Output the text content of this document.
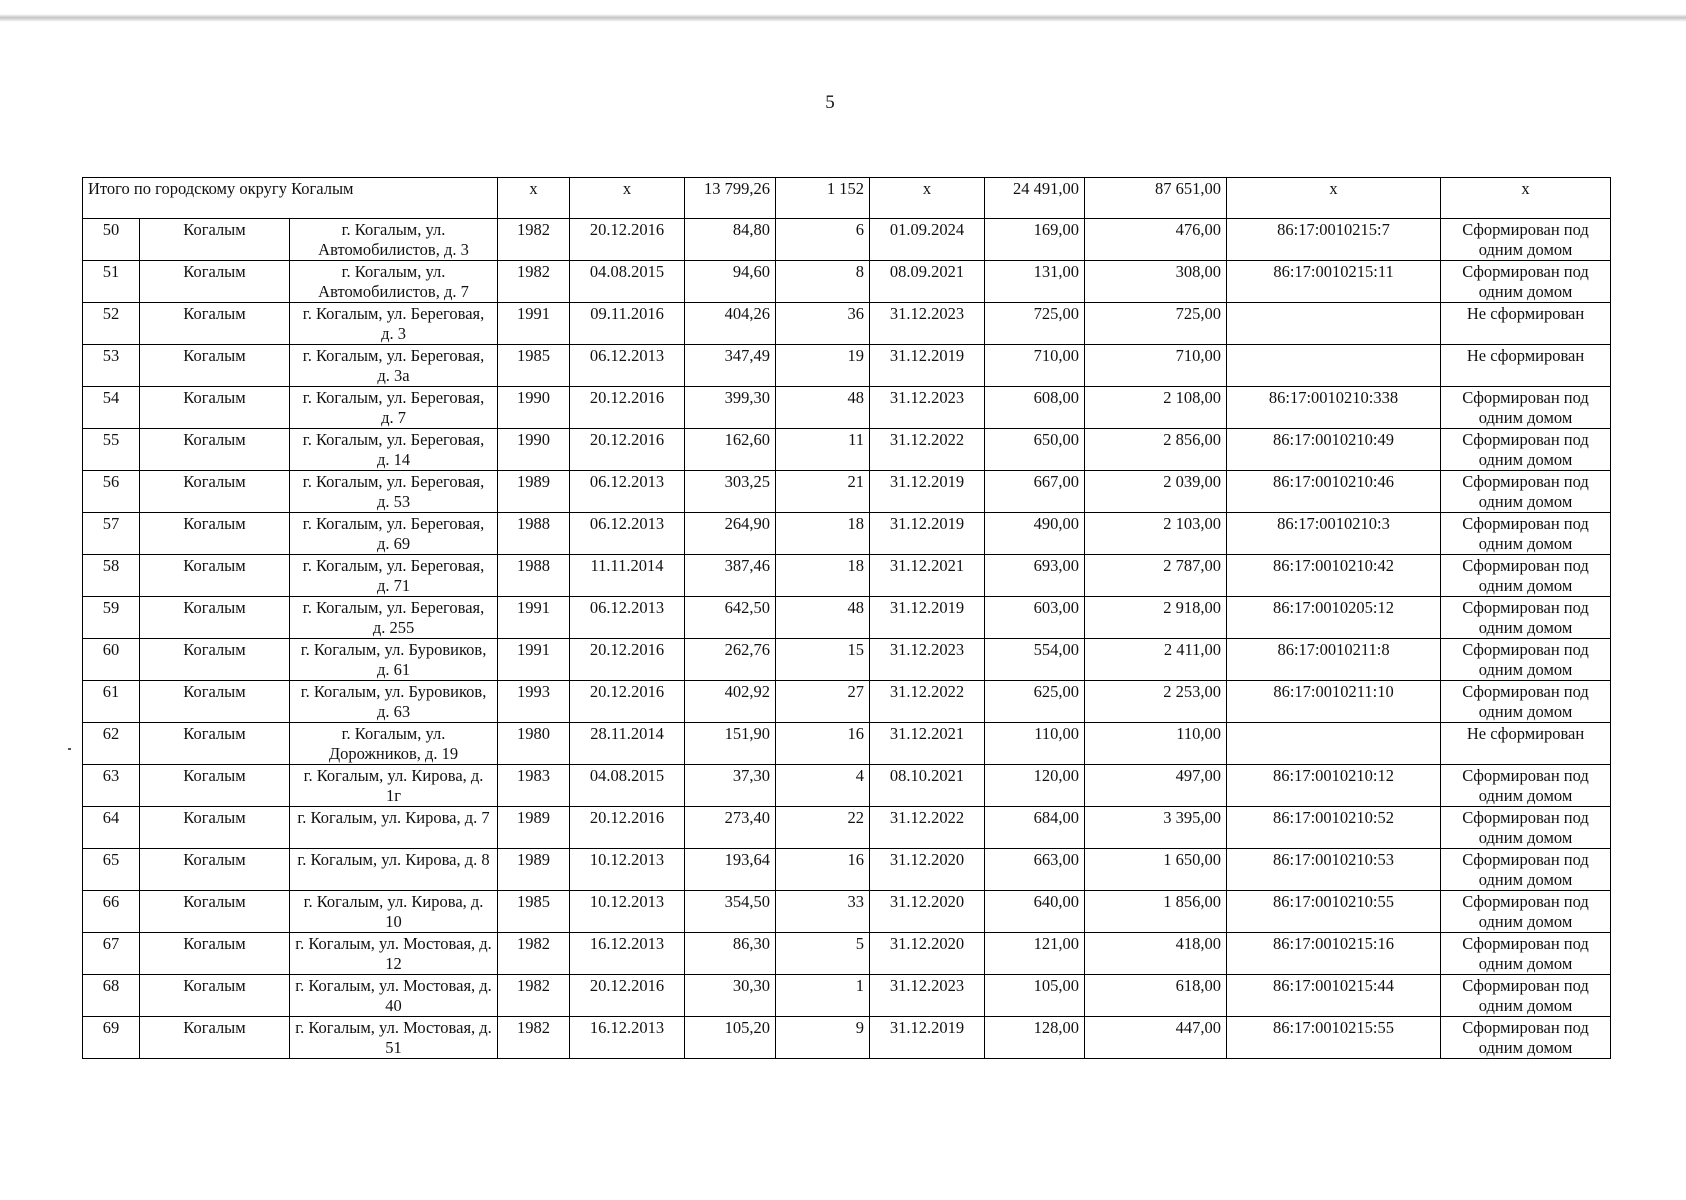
5
Итого по городскому округу Когалым			x	x	13 799,26	1 152	x	24 491,00	87 651,00	x	x
50	Когалым	г. Когалым, ул. Автомобилистов, д. 3	1982	20.12.2016	84,80	6	01.09.2024	169,00	476,00	86:17:0010215:7	Сформирован под одним домом
51	Когалым	г. Когалым, ул. Автомобилистов, д. 7	1982	04.08.2015	94,60	8	08.09.2021	131,00	308,00	86:17:0010215:11	Сформирован под одним домом
52	Когалым	г. Когалым, ул. Береговая, д. 3	1991	09.11.2016	404,26	36	31.12.2023	725,00	725,00		Не сформирован
53	Когалым	г. Когалым, ул. Береговая, д. 3а	1985	06.12.2013	347,49	19	31.12.2019	710,00	710,00		Не сформирован
54	Когалым	г. Когалым, ул. Береговая, д. 7	1990	20.12.2016	399,30	48	31.12.2023	608,00	2 108,00	86:17:0010210:338	Сформирован под одним домом
55	Когалым	г. Когалым, ул. Береговая, д. 14	1990	20.12.2016	162,60	11	31.12.2022	650,00	2 856,00	86:17:0010210:49	Сформирован под одним домом
56	Когалым	г. Когалым, ул. Береговая, д. 53	1989	06.12.2013	303,25	21	31.12.2019	667,00	2 039,00	86:17:0010210:46	Сформирован под одним домом
57	Когалым	г. Когалым, ул. Береговая, д. 69	1988	06.12.2013	264,90	18	31.12.2019	490,00	2 103,00	86:17:0010210:3	Сформирован под одним домом
58	Когалым	г. Когалым, ул. Береговая, д. 71	1988	11.11.2014	387,46	18	31.12.2021	693,00	2 787,00	86:17:0010210:42	Сформирован под одним домом
59	Когалым	г. Когалым, ул. Береговая, д. 255	1991	06.12.2013	642,50	48	31.12.2019	603,00	2 918,00	86:17:0010205:12	Сформирован под одним домом
60	Когалым	г. Когалым, ул. Буровиков, д. 61	1991	20.12.2016	262,76	15	31.12.2023	554,00	2 411,00	86:17:0010211:8	Сформирован под одним домом
61	Когалым	г. Когалым, ул. Буровиков, д. 63	1993	20.12.2016	402,92	27	31.12.2022	625,00	2 253,00	86:17:0010211:10	Сформирован под одним домом
62	Когалым	г. Когалым, ул. Дорожников, д. 19	1980	28.11.2014	151,90	16	31.12.2021	110,00	110,00		Не сформирован
63	Когалым	г. Когалым, ул. Кирова, д. 1г	1983	04.08.2015	37,30	4	08.10.2021	120,00	497,00	86:17:0010210:12	Сформирован под одним домом
64	Когалым	г. Когалым, ул. Кирова, д. 7	1989	20.12.2016	273,40	22	31.12.2022	684,00	3 395,00	86:17:0010210:52	Сформирован под одним домом
65	Когалым	г. Когалым, ул. Кирова, д. 8	1989	10.12.2013	193,64	16	31.12.2020	663,00	1 650,00	86:17:0010210:53	Сформирован под одним домом
66	Когалым	г. Когалым, ул. Кирова, д. 10	1985	10.12.2013	354,50	33	31.12.2020	640,00	1 856,00	86:17:0010210:55	Сформирован под одним домом
67	Когалым	г. Когалым, ул. Мостовая, д. 12	1982	16.12.2013	86,30	5	31.12.2020	121,00	418,00	86:17:0010215:16	Сформирован под одним домом
68	Когалым	г. Когалым, ул. Мостовая, д. 40	1982	20.12.2016	30,30	1	31.12.2023	105,00	618,00	86:17:0010215:44	Сформирован под одним домом
69	Когалым	г. Когалым, ул. Мостовая, д. 51	1982	16.12.2013	105,20	9	31.12.2019	128,00	447,00	86:17:0010215:55	Сформирован под одним домом
